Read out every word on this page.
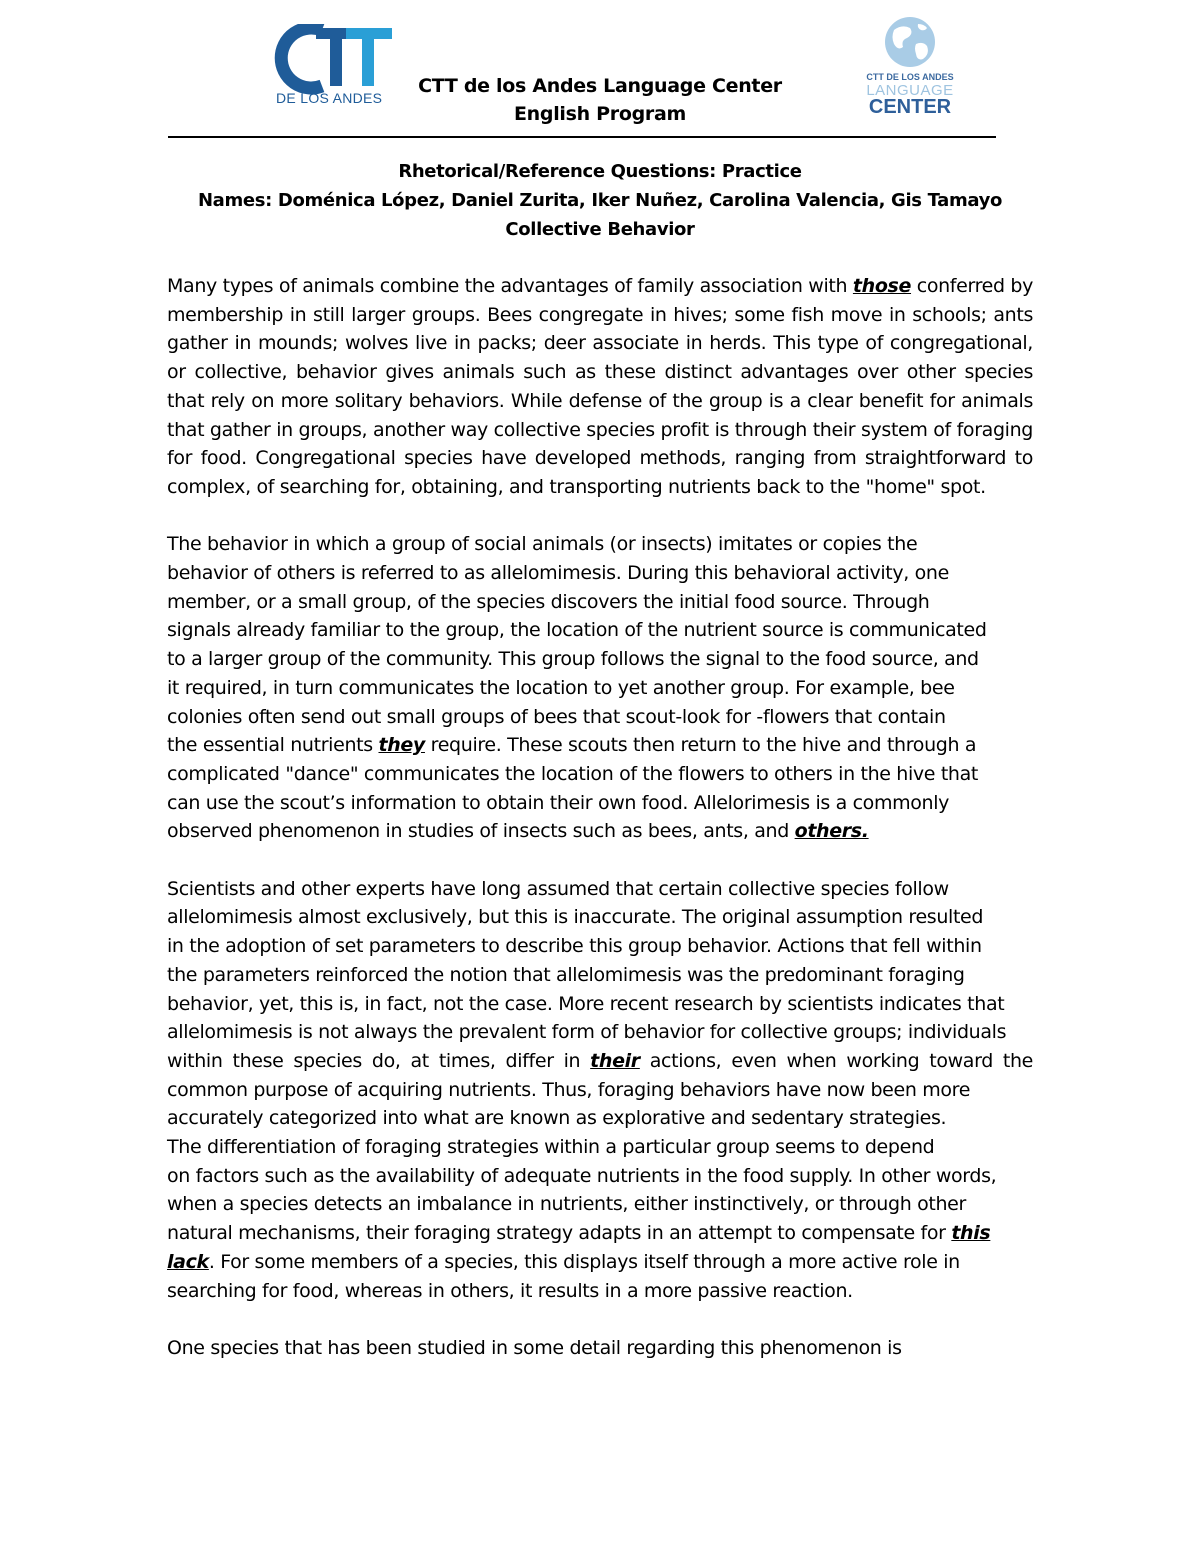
DE LOS ANDES
CTT DE LOS ANDES
LANGUAGE
CENTER
CTT de los Andes Language Center
English Program
Rhetorical/Reference Questions: Practice
Names: Doménica López, Daniel Zurita, Iker Nuñez, Carolina Valencia, Gis Tamayo
Collective Behavior

Many types of animals combine the advantages of family association with those conferred by membership in still larger groups. Bees congregate in hives; some fish move in schools; ants gather in mounds; wolves live in packs; deer associate in herds. This type of congregational, or collective, behavior gives animals such as these distinct advantages over other species that rely on more solitary behaviors. While defense of the group is a clear benefit for animals that gather in groups, another way collective species profit is through their system of foraging for food. Congregational species have developed methods, ranging from straightforward to complex, of searching for, obtaining, and transporting nutrients back to the "home" spot.

The behavior in which a group of social animals (or insects) imitates or copies the
behavior of others is referred to as allelomimesis. During this behavioral activity, one
member, or a small group, of the species discovers the initial food source. Through
signals already familiar to the group, the location of the nutrient source is communicated
to a larger group of the community. This group follows the signal to the food source, and
it required, in turn communicates the location to yet another group. For example, bee
colonies often send out small groups of bees that scout-look for -flowers that contain
the essential nutrients they require. These scouts then return to the hive and through a
complicated "dance" communicates the location of the flowers to others in the hive that
can use the scout’s information to obtain their own food. Allelorimesis is a commonly
observed phenomenon in studies of insects such as bees, ants, and others.

Scientists and other experts have long assumed that certain collective species follow
allelomimesis almost exclusively, but this is inaccurate. The original assumption resulted
in the adoption of set parameters to describe this group behavior. Actions that fell within
the parameters reinforced the notion that allelomimesis was the predominant foraging
behavior, yet, this is, in fact, not the case. More recent research by scientists indicates that
allelomimesis is not always the prevalent form of behavior for collective groups; individuals

within these species do, at times, differ in their actions, even when working toward the common purpose of acquiring nutrients. Thus, foraging behaviors have now been more

accurately categorized into what are known as explorative and sedentary strategies.

The differentiation of foraging strategies within a particular group seems to depend
on factors such as the availability of adequate nutrients in the food supply. In other words,
when a species detects an imbalance in nutrients, either instinctively, or through other
natural mechanisms, their foraging strategy adapts in an attempt to compensate for this
lack. For some members of a species, this displays itself through a more active role in
searching for food, whereas in others, it results in a more passive reaction.

One species that has been studied in some detail regarding this phenomenon is
